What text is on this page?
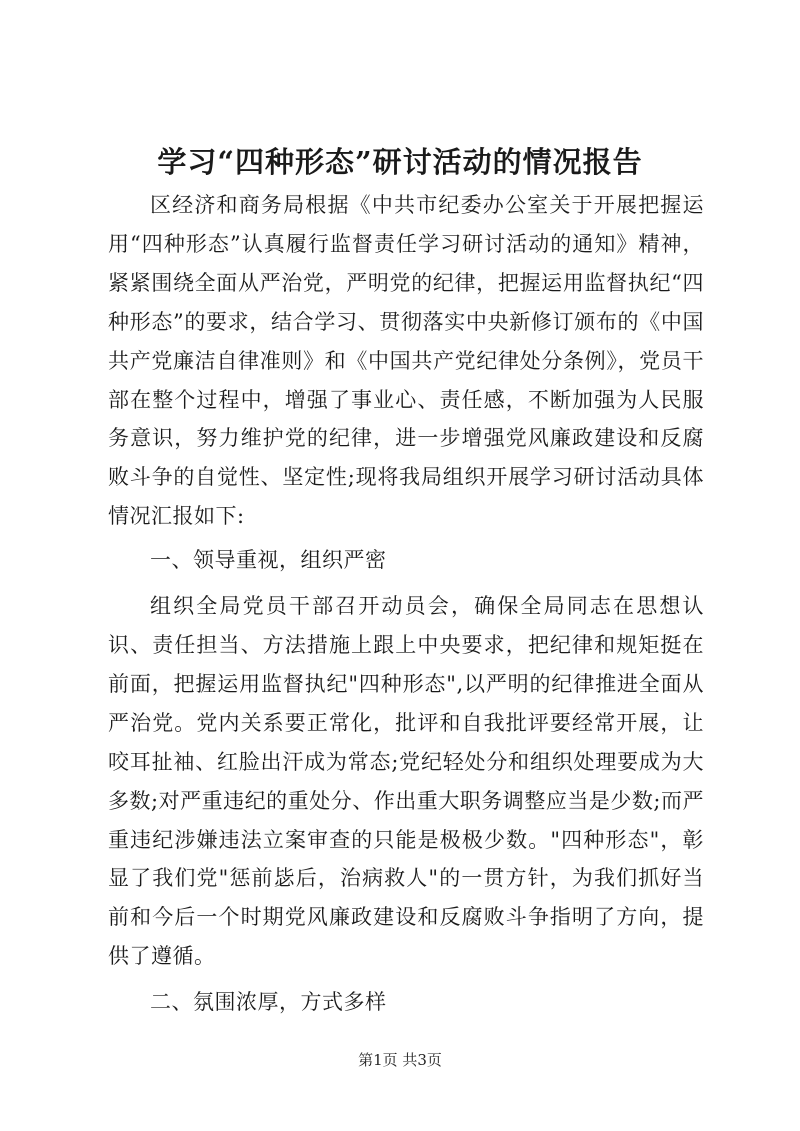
学习“四种形态”研讨活动的情况报告

区经济和商务局根据《中共市纪委办公室关于开展把握运用“四种形态”认真履行监督责任学习研讨活动的通知》精神，紧紧围绕全面从严治党，严明党的纪律，把握运用监督执纪“四种形态”的要求，结合学习、贯彻落实中央新修订颁布的《中国共产党廉洁自律准则》和《中国共产党纪律处分条例》，党员干部在整个过程中，增强了事业心、责任感，不断加强为人民服务意识，努力维护党的纪律，进一步增强党风廉政建设和反腐败斗争的自觉性、坚定性;现将我局组织开展学习研讨活动具体情况汇报如下:

一、领导重视，组织严密

组织全局党员干部召开动员会，确保全局同志在思想认识、责任担当、方法措施上跟上中央要求，把纪律和规矩挺在前面，把握运用监督执纪"四种形态",以严明的纪律推进全面从严治党。党内关系要正常化，批评和自我批评要经常开展，让咬耳扯袖、红脸出汗成为常态;党纪轻处分和组织处理要成为大多数;对严重违纪的重处分、作出重大职务调整应当是少数;而严重违纪涉嫌违法立案审查的只能是极极少数。"四种形态"，彰显了我们党"惩前毖后，治病救人"的一贯方针，为我们抓好当前和今后一个时期党风廉政建设和反腐败斗争指明了方向，提供了遵循。

二、氛围浓厚，方式多样

第1页 共3页
